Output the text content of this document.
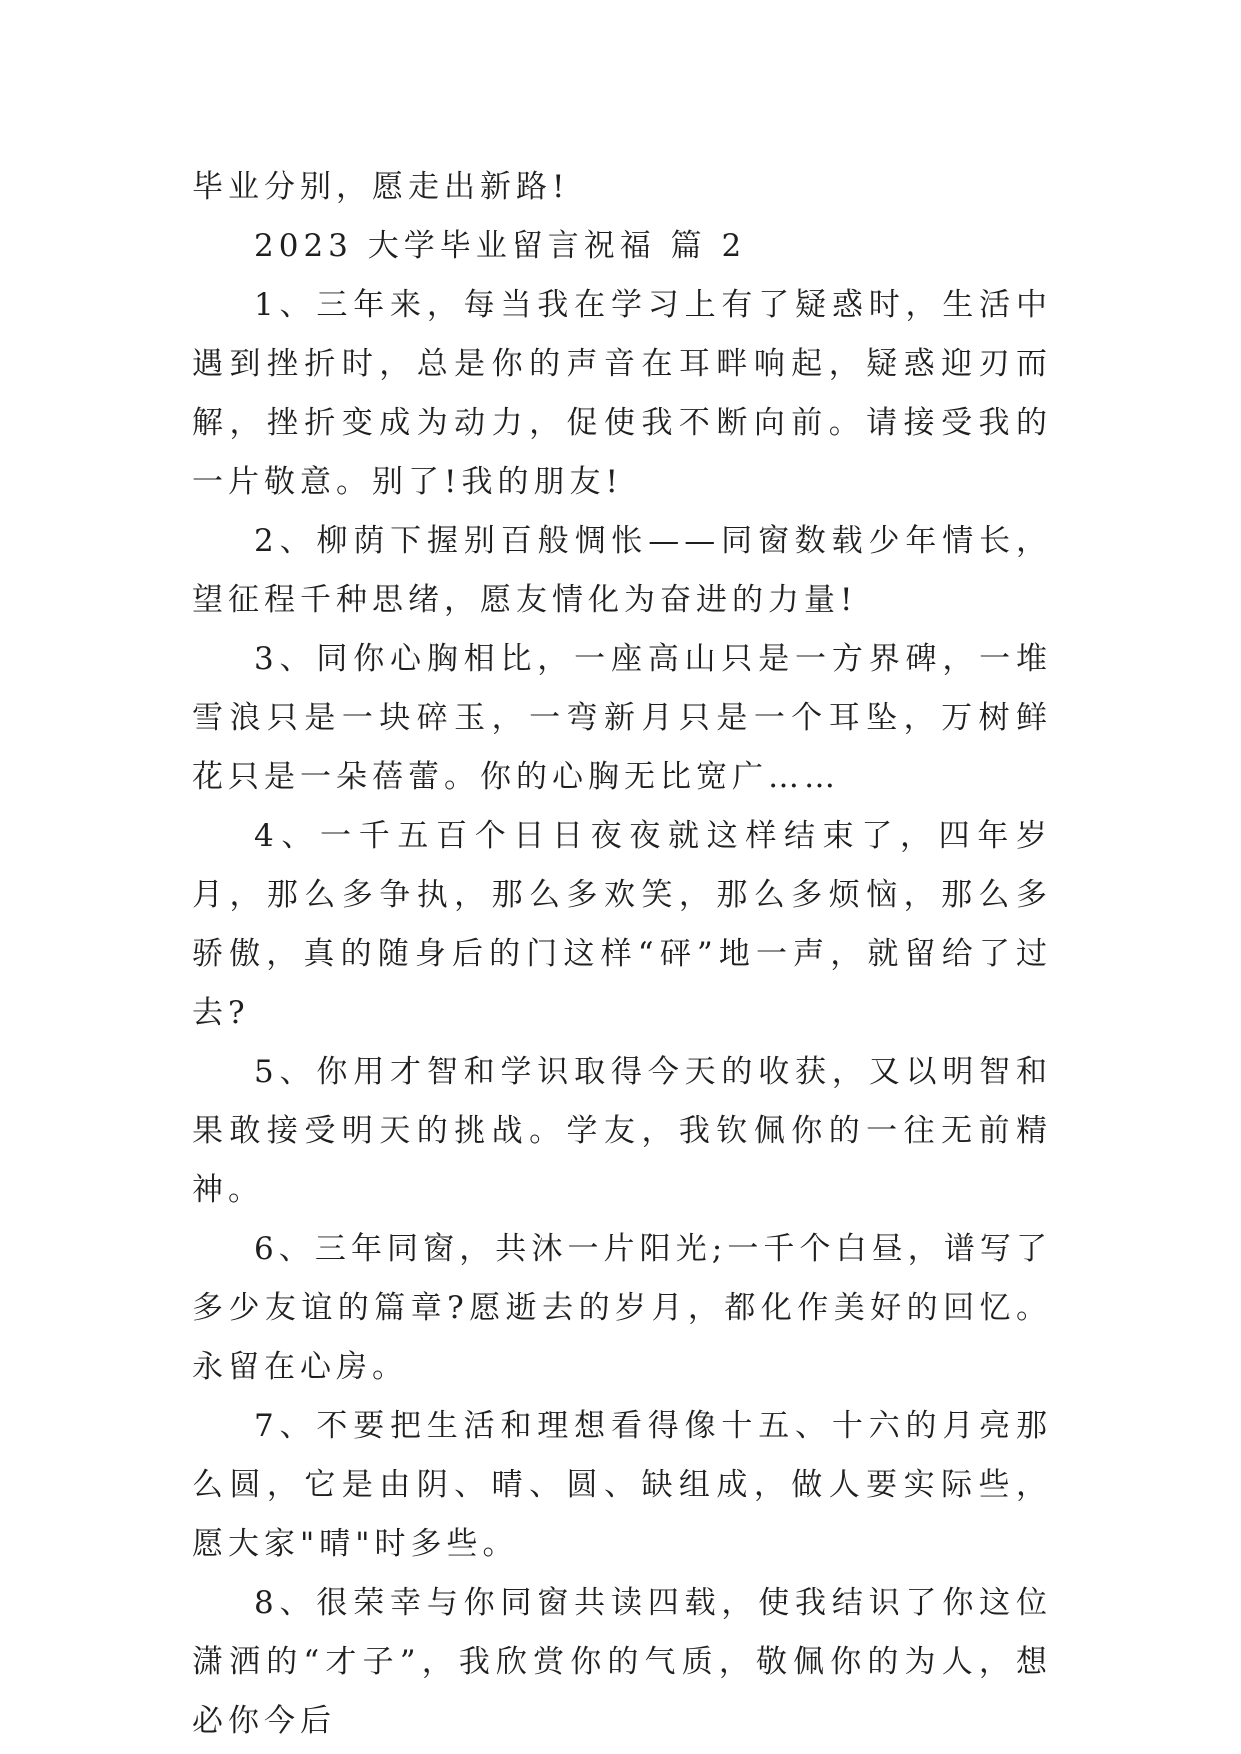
毕业分别，愿走出新路!

2023 大学毕业留言祝福 篇 2

1、三年来，每当我在学习上有了疑惑时，生活中遇到挫折时，总是你的声音在耳畔响起，疑惑迎刃而解，挫折变成为动力，促使我不断向前。请接受我的一片敬意。别了!我的朋友!

2、柳荫下握别百般惆怅——同窗数载少年情长，望征程千种思绪，愿友情化为奋进的力量!

3、同你心胸相比，一座高山只是一方界碑，一堆雪浪只是一块碎玉，一弯新月只是一个耳坠，万树鲜花只是一朵蓓蕾。你的心胸无比宽广……

4、一千五百个日日夜夜就这样结束了，四年岁月，那么多争执，那么多欢笑，那么多烦恼，那么多骄傲，真的随身后的门这样“砰”地一声，就留给了过去?

5、你用才智和学识取得今天的收获，又以明智和果敢接受明天的挑战。学友，我钦佩你的一往无前精神。

6、三年同窗，共沐一片阳光;一千个白昼，谱写了多少友谊的篇章?愿逝去的岁月，都化作美好的回忆。永留在心房。

7、不要把生活和理想看得像十五、十六的月亮那么圆，它是由阴、晴、圆、缺组成，做人要实际些，愿大家"晴"时多些。

8、很荣幸与你同窗共读四载，使我结识了你这位潇洒的“才子”，我欣赏你的气质，敬佩你的为人，想必你今后
